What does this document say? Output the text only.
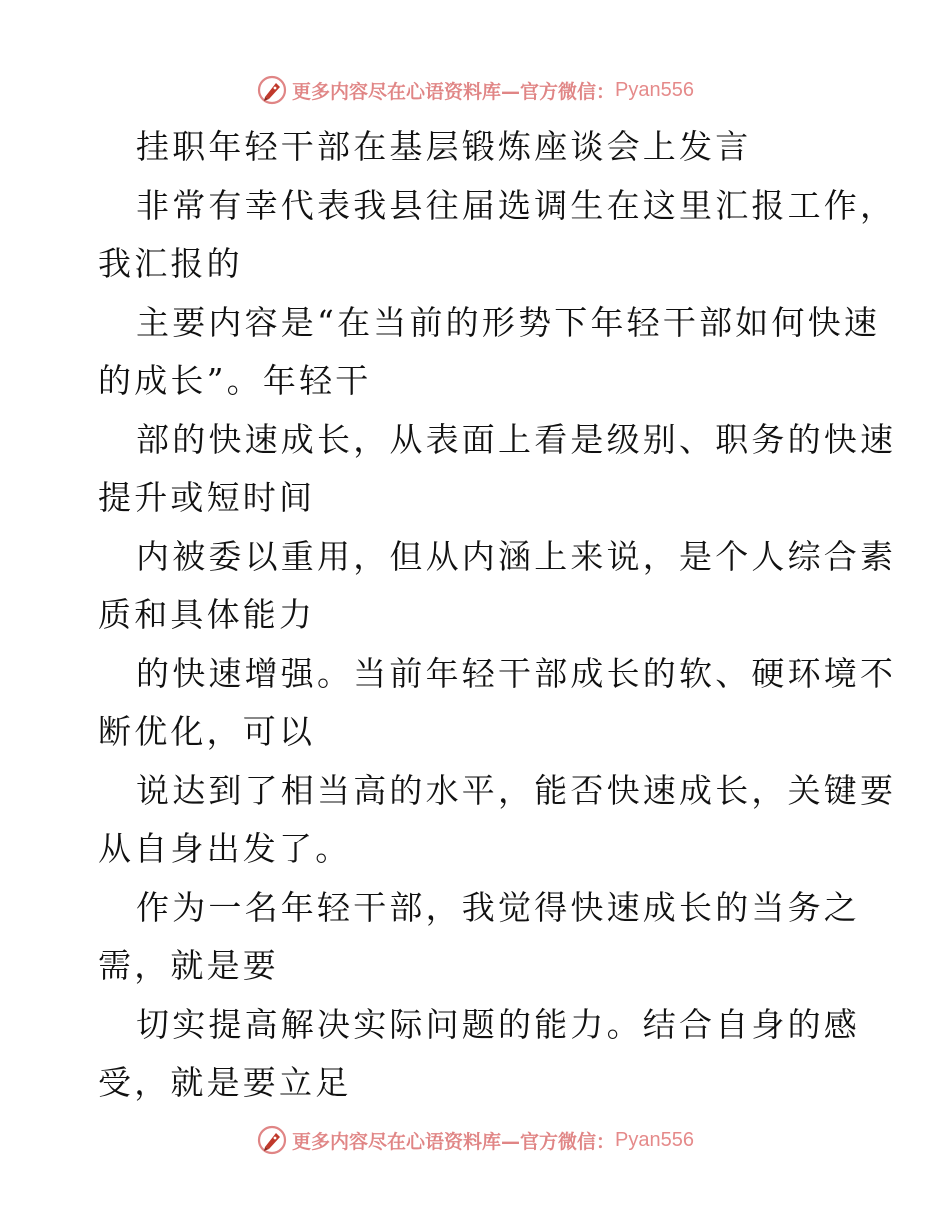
更多内容尽在心语资料库—官方微信： Pyan556
挂职年轻干部在基层锻炼座谈会上发言
非常有幸代表我县往届选调生在这里汇报工作，
我汇报的
主要内容是“在当前的形势下年轻干部如何快速
的成长”。年轻干
部的快速成长，从表面上看是级别、职务的快速
提升或短时间
内被委以重用，但从内涵上来说，是个人综合素
质和具体能力
的快速增强。当前年轻干部成长的软、硬环境不
断优化，可以
说达到了相当高的水平，能否快速成长，关键要
从自身出发了。
作为一名年轻干部，我觉得快速成长的当务之
需，就是要
切实提高解决实际问题的能力。结合自身的感
受，就是要立足
更多内容尽在心语资料库—官方微信： Pyan556
